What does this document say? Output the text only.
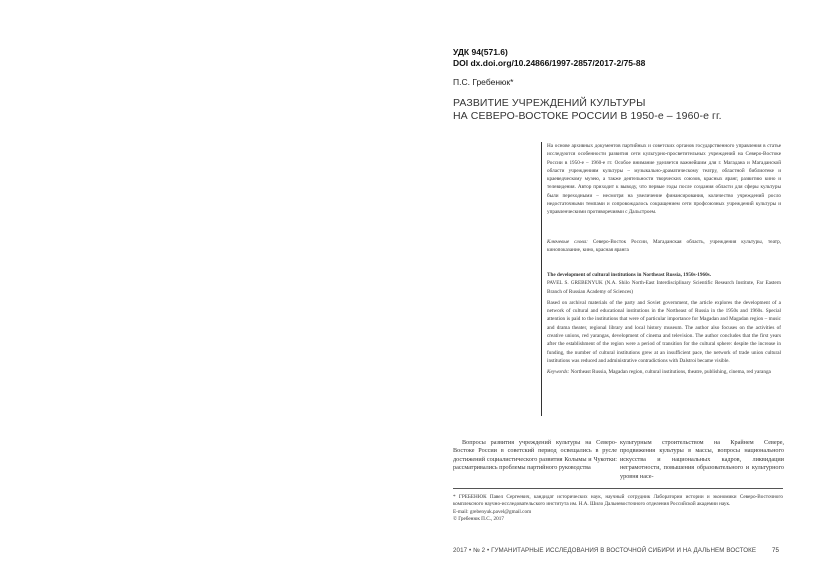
УДК 94(571.6)
DOI dx.doi.org/10.24866/1997-2857/2017-2/75-88
П.С. Гребенюк*
РАЗВИТИЕ УЧРЕЖДЕНИЙ КУЛЬТУРЫ
НА СЕВЕРО-ВОСТОКЕ РОССИИ В 1950-е – 1960-е гг.
На основе архивных документов партийных и советских органов государственного управления в статье исследуются особенности развития сети культурно-просветительных учреждений на Северо-Востоке России в 1950-е – 1960-е гг. Особое внимание уделяется важнейшим для г. Магадана и Магаданской области учреждениям культуры – музыкально-драматическому театру, областной библиотеке и краеведческому музею, а также деятельности творческих союзов, красных яранг, развитию кино и телевидения. Автор приходит к выводу, что первые годы после создания области для сферы культуры были переходными – несмотря на увеличение финансирования, количество учреждений росло недостаточными темпами и сопровождалось сокращением сети профсоюзных учреждений культуры и управленческими противоречиями с Дальстроем.
Ключевые слова: Северо-Восток России, Магаданская область, учреждения культуры, театр, кинопоказание, кино, красная яранга
The development of cultural institutions in Northeast Russia, 1950s-1960s.
PAVEL S. GREBENYUK (N.A. Shilo North-East Interdisciplinary Scientific Research Institute, Far Eastern Branch of Russian Academy of Sciences)
Based on archival materials of the party and Soviet government, the article explores the development of a network of cultural and educational institutions in the Northeast of Russia in the 1950s and 1960s. Special attention is paid to the institutions that were of particular importance for Magadan and Magadan region – music and drama theater, regional library and local history museum. The author also focuses on the activities of creative unions, red yarangas, development of cinema and television. The author concludes that the first years after the establishment of the region were a period of transition for the cultural sphere: despite the increase in funding, the number of cultural institutions grew at an insufficient pace, the network of trade union cultural institutions was reduced and administrative contradictions with Dalstroi became visible.
Keywords: Northeast Russia, Magadan region, cultural institutions, theatre, publishing, cinema, red yaranga
Вопросы развития учреждений культуры на Северо-Востоке России в советский период освещались в русле достижений социалистического развития Колымы и Чукотки: рассматривались проблемы партийного руководства
культурным строительством на Крайнем Севере, продвижения культуры в массы, вопросы национального искусства и национальных кадров, ликвидации неграмотности, повышения образовательного и культурного уровня насе-
* ГРЕБЕНЮК Павел Сергеевич, кандидат исторических наук, научный сотрудник Лаборатории истории и экономики Северо-Восточного комплексного научно-исследовательского института им. Н.А. Шило Дальневосточного отделения Российской академии наук.
E-mail: grebenyuk.pavel@gmail.com
© Гребенюк П.С., 2017
2017 • № 2 • ГУМАНИТАРНЫЕ ИССЛЕДОВАНИЯ В ВОСТОЧНОЙ СИБИРИ И НА ДАЛЬНЕМ ВОСТОКЕ	75
